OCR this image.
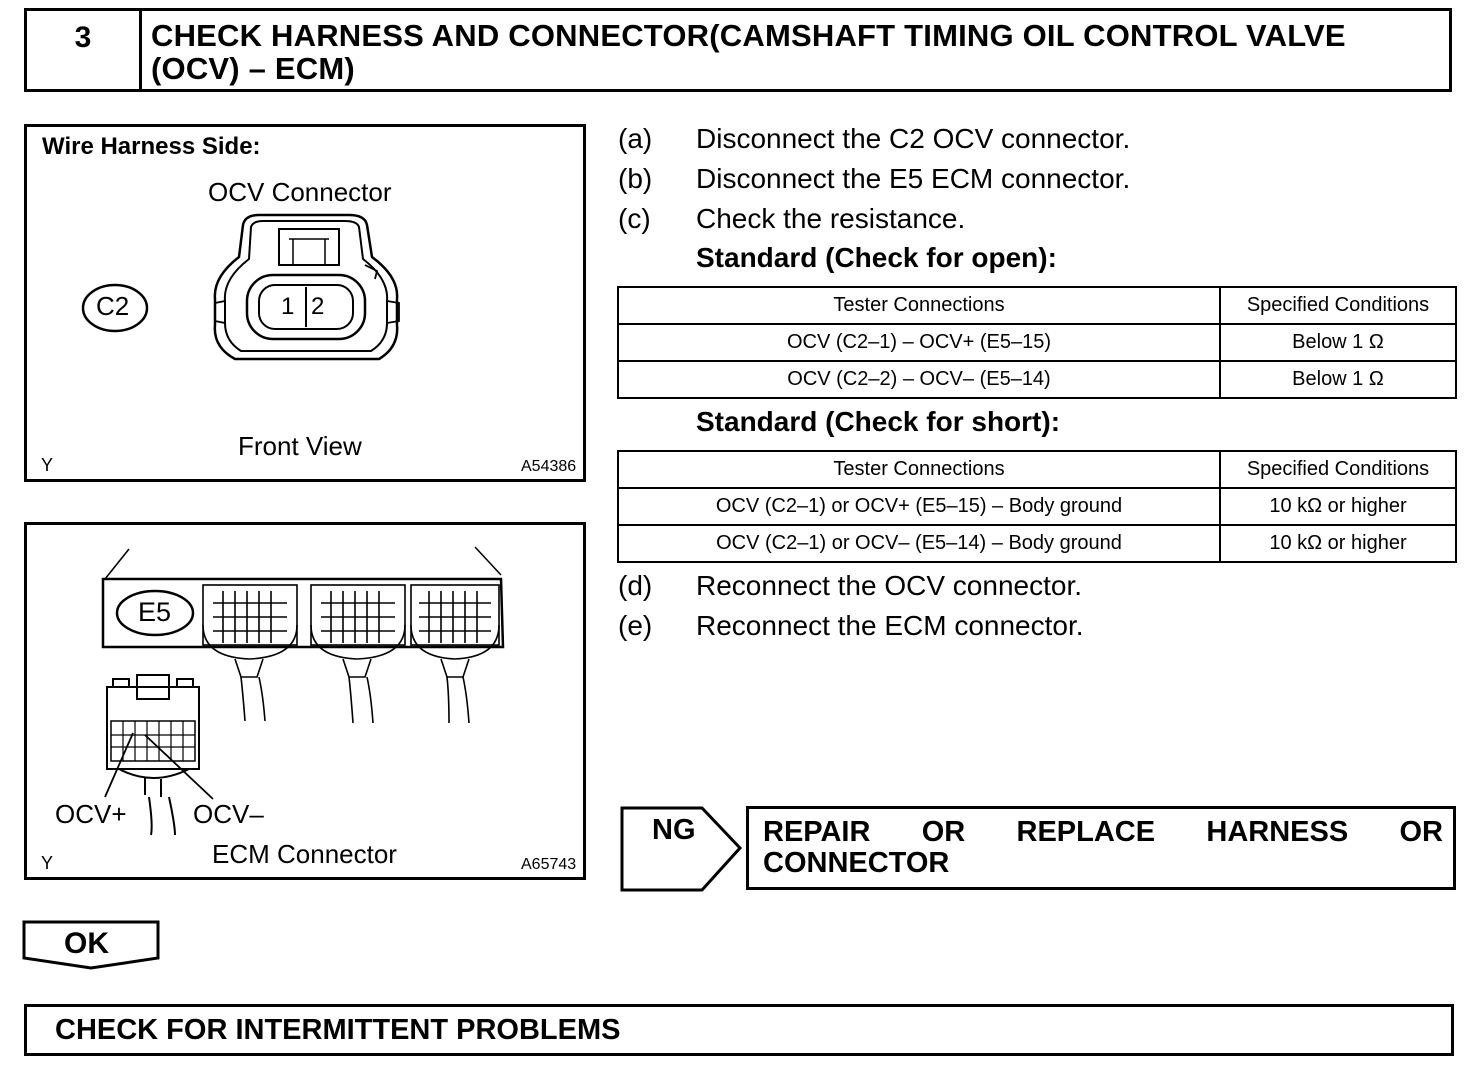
3	CHECK HARNESS AND CONNECTOR(CAMSHAFT TIMING OIL CONTROL VALVE (OCV) – ECM)
Wire Harness Side:
OCV Connector
C2	1 2
Front View
Y	A54386
E5
OCV+	OCV–
ECM Connector
Y	A65743
(a) Disconnect the C2 OCV connector.
(b) Disconnect the E5 ECM connector.
(c) Check the resistance.
Standard (Check for open):
Tester Connections	Specified Conditions
OCV (C2–1) – OCV+ (E5–15)	Below 1 Ω
OCV (C2–2) – OCV– (E5–14)	Below 1 Ω
Standard (Check for short):
Tester Connections	Specified Conditions
OCV (C2–1) or OCV+ (E5–15) – Body ground	10 kΩ or higher
OCV (C2–1) or OCV– (E5–14) – Body ground	10 kΩ or higher
(d) Reconnect the OCV connector.
(e) Reconnect the ECM connector.
NG REPAIR OR REPLACE HARNESS OR CONNECTOR
OK
CHECK FOR INTERMITTENT PROBLEMS
